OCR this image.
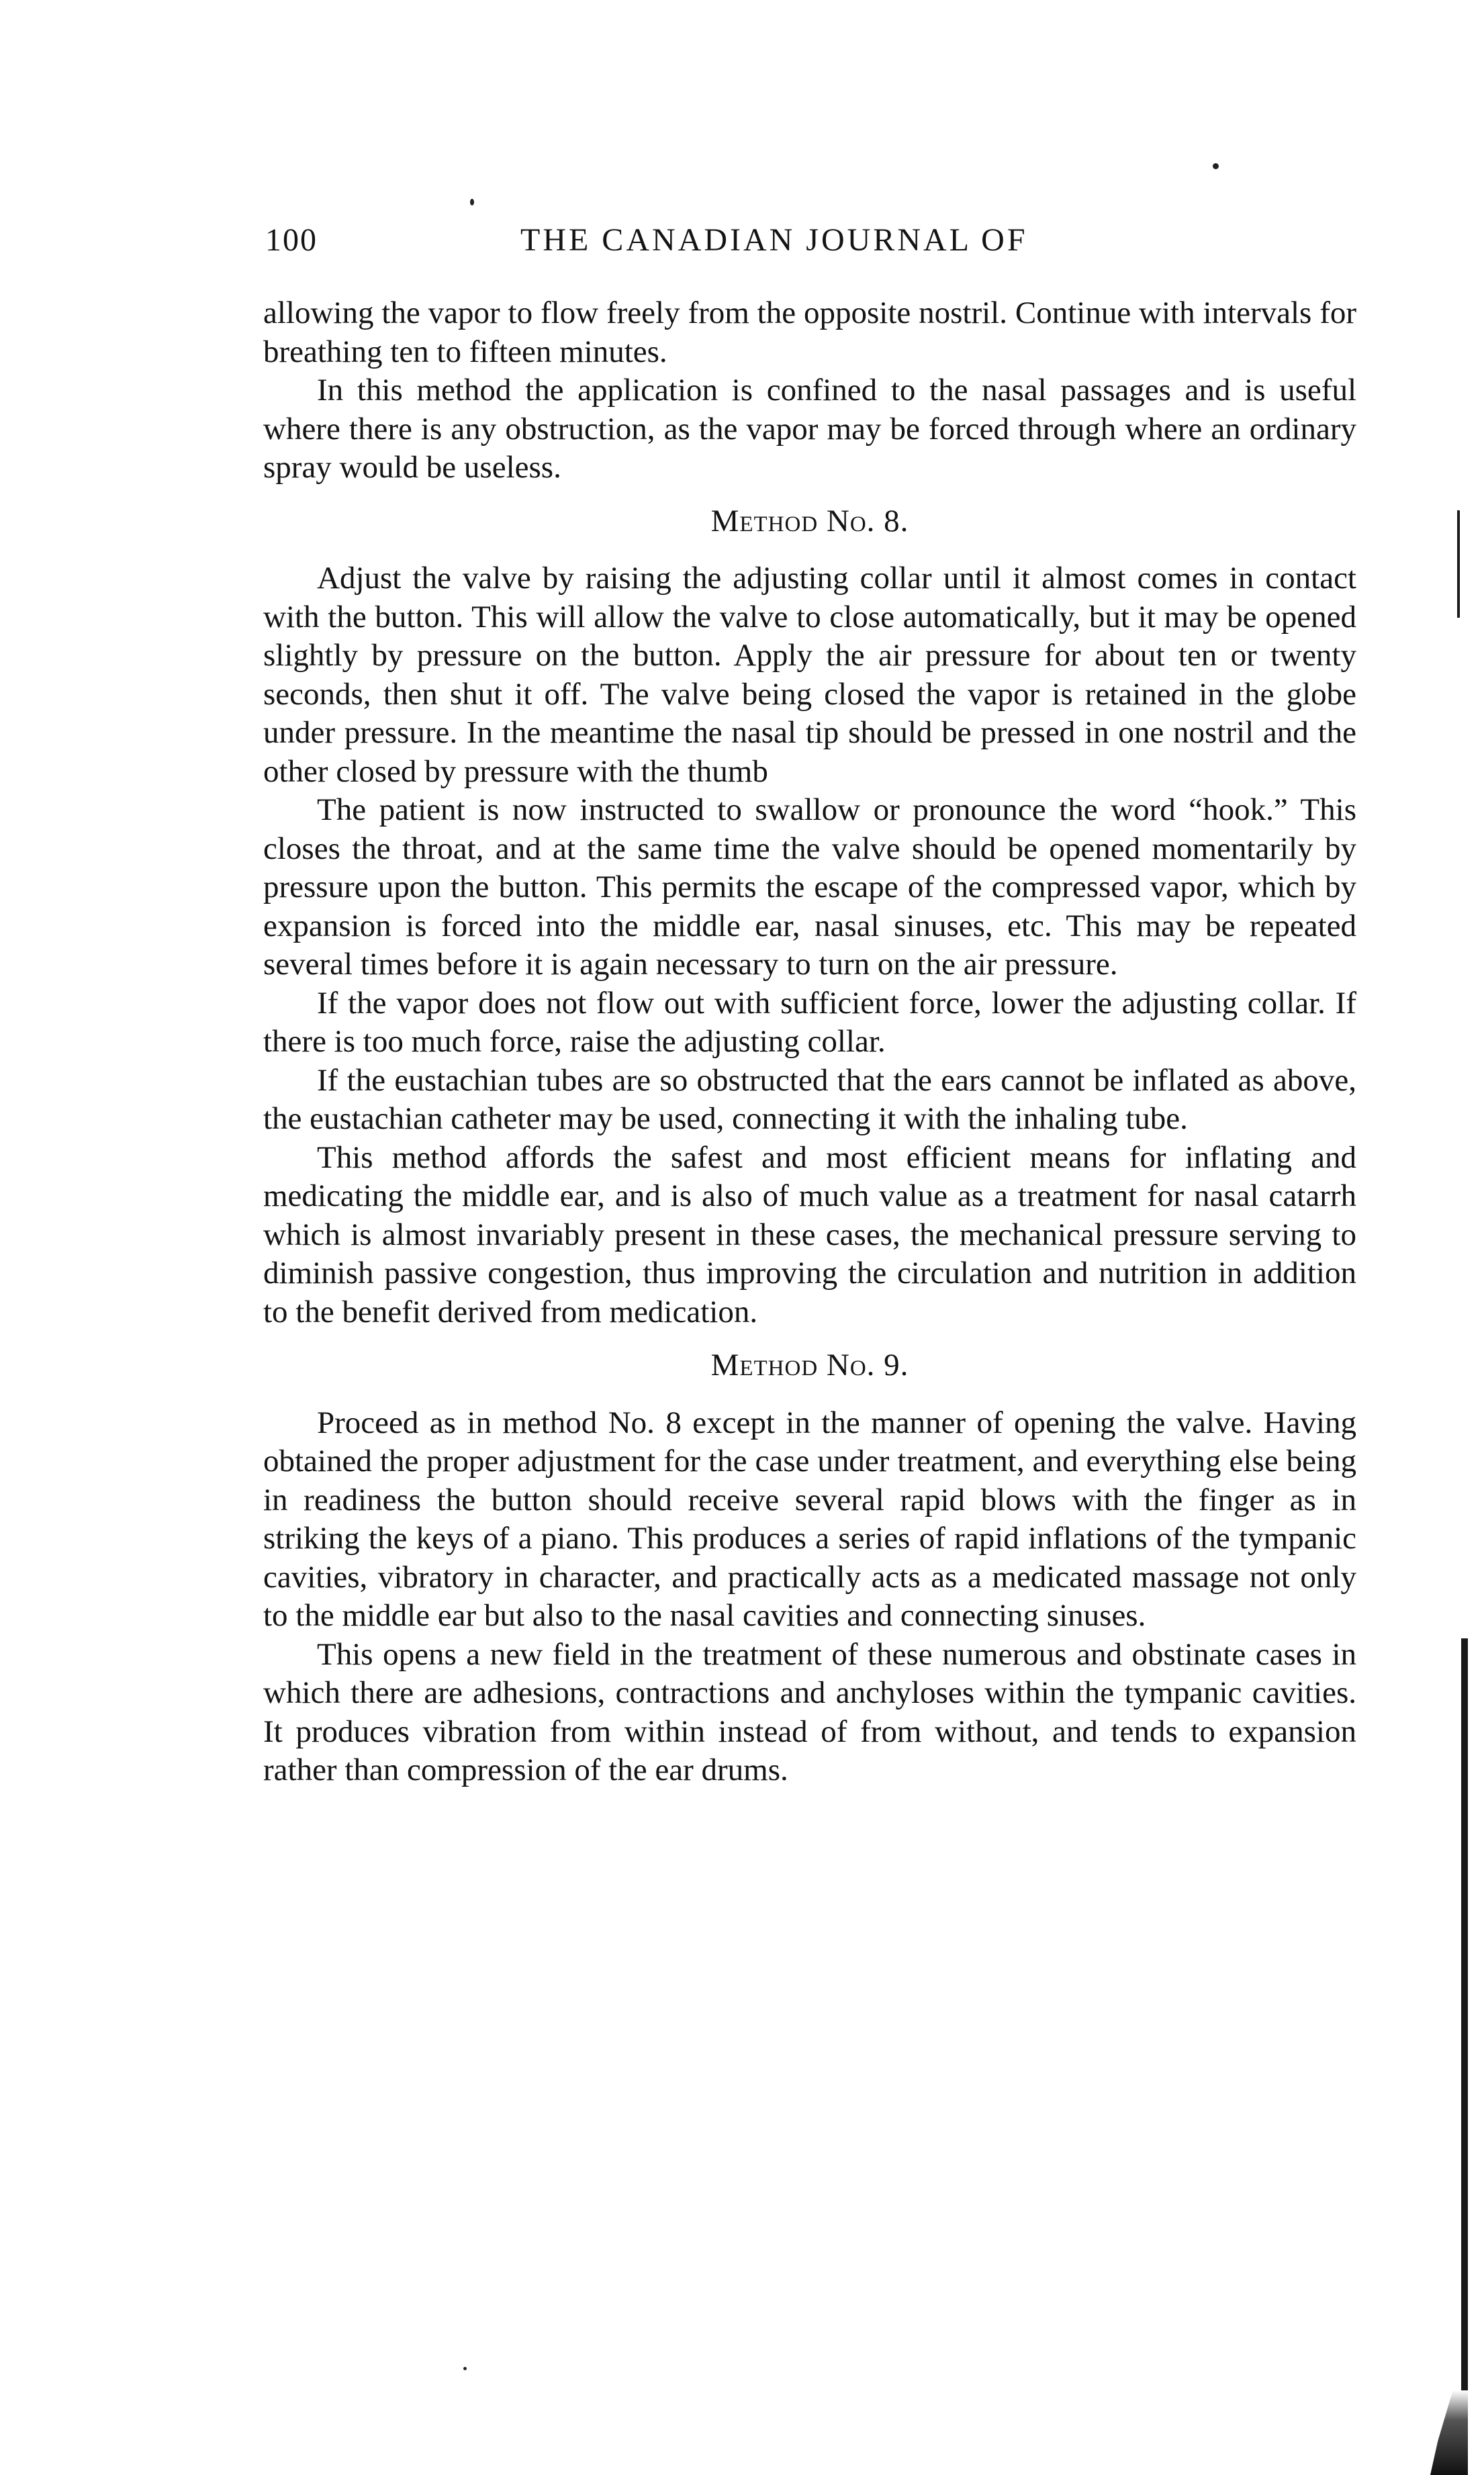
100	THE CANADIAN JOURNAL OF

allowing the vapor to flow freely from the opposite nostril. Continue with intervals for breathing ten to fifteen minutes.

In this method the application is confined to the nasal passages and is useful where there is any obstruction, as the vapor may be forced through where an ordinary spray would be useless.

Method No. 8.

Adjust the valve by raising the adjusting collar until it almost comes in contact with the button. This will allow the valve to close automatically, but it may be opened slightly by pressure on the button. Apply the air pressure for about ten or twenty seconds, then shut it off. The valve being closed the vapor is retained in the globe under pressure. In the meantime the nasal tip should be pressed in one nostril and the other closed by pressure with the thumb

The patient is now instructed to swallow or pronounce the word “hook.” This closes the throat, and at the same time the valve should be opened momentarily by pressure upon the button. This permits the escape of the compressed vapor, which by expansion is forced into the middle ear, nasal sinuses, etc. This may be repeated several times before it is again necessary to turn on the air pressure.

If the vapor does not flow out with sufficient force, lower the adjusting collar. If there is too much force, raise the adjusting collar.

If the eustachian tubes are so obstructed that the ears cannot be inflated as above, the eustachian catheter may be used, connecting it with the inhaling tube.

This method affords the safest and most efficient means for inflating and medicating the middle ear, and is also of much value as a treatment for nasal catarrh which is almost invariably present in these cases, the mechanical pressure serving to diminish passive congestion, thus improving the circulation and nutrition in addition to the benefit derived from medication.

Method No. 9.

Proceed as in method No. 8 except in the manner of opening the valve. Having obtained the proper adjustment for the case under treatment, and everything else being in readiness the button should receive several rapid blows with the finger as in striking the keys of a piano. This produces a series of rapid inflations of the tympanic cavities, vibratory in character, and practically acts as a medicated massage not only to the middle ear but also to the nasal cavities and connecting sinuses.

This opens a new field in the treatment of these numerous and obstinate cases in which there are adhesions, contractions and anchyloses within the tympanic cavities. It produces vibration from within instead of from without, and tends to expansion rather than compression of the ear drums.
